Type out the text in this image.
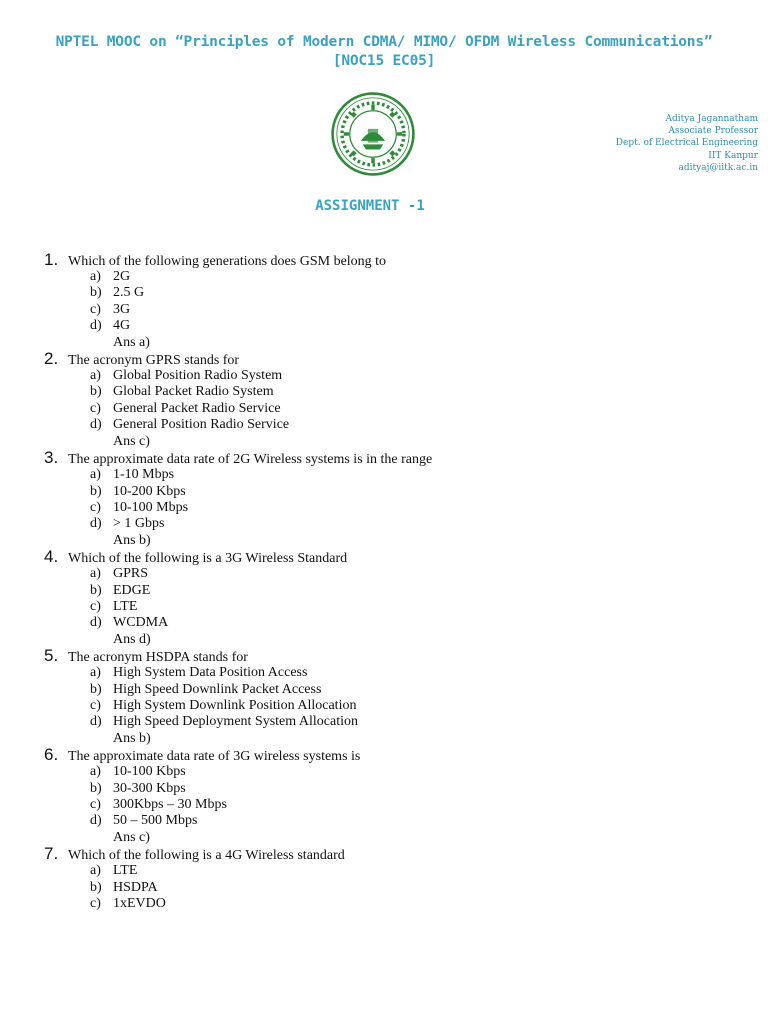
NPTEL MOOC on “Principles of Modern CDMA/ MIMO/ OFDM Wireless Communications”
[NOC15 EC05]
Aditya Jagannatham
Associate Professor
Dept. of Electrical Engineering
IIT Kanpur
adityaj@iitk.ac.in
ASSIGNMENT -1
1. Which of the following generations does GSM belong to
a) 2G
b) 2.5 G
c) 3G
d) 4G
Ans a)
2. The acronym GPRS stands for
a) Global Position Radio System
b) Global Packet Radio System
c) General Packet Radio Service
d) General Position Radio Service
Ans c)
3. The approximate data rate of 2G Wireless systems is in the range
a) 1-10 Mbps
b) 10-200 Kbps
c) 10-100 Mbps
d) > 1 Gbps
Ans b)
4. Which of the following is a 3G Wireless Standard
a) GPRS
b) EDGE
c) LTE
d) WCDMA
Ans d)
5. The acronym HSDPA stands for
a) High System Data Position Access
b) High Speed Downlink Packet Access
c) High System Downlink Position Allocation
d) High Speed Deployment System Allocation
Ans b)
6. The approximate data rate of 3G wireless systems is
a) 10-100 Kbps
b) 30-300 Kbps
c) 300Kbps – 30 Mbps
d) 50 – 500 Mbps
Ans c)
7. Which of the following is a 4G Wireless standard
a) LTE
b) HSDPA
c) 1xEVDO
